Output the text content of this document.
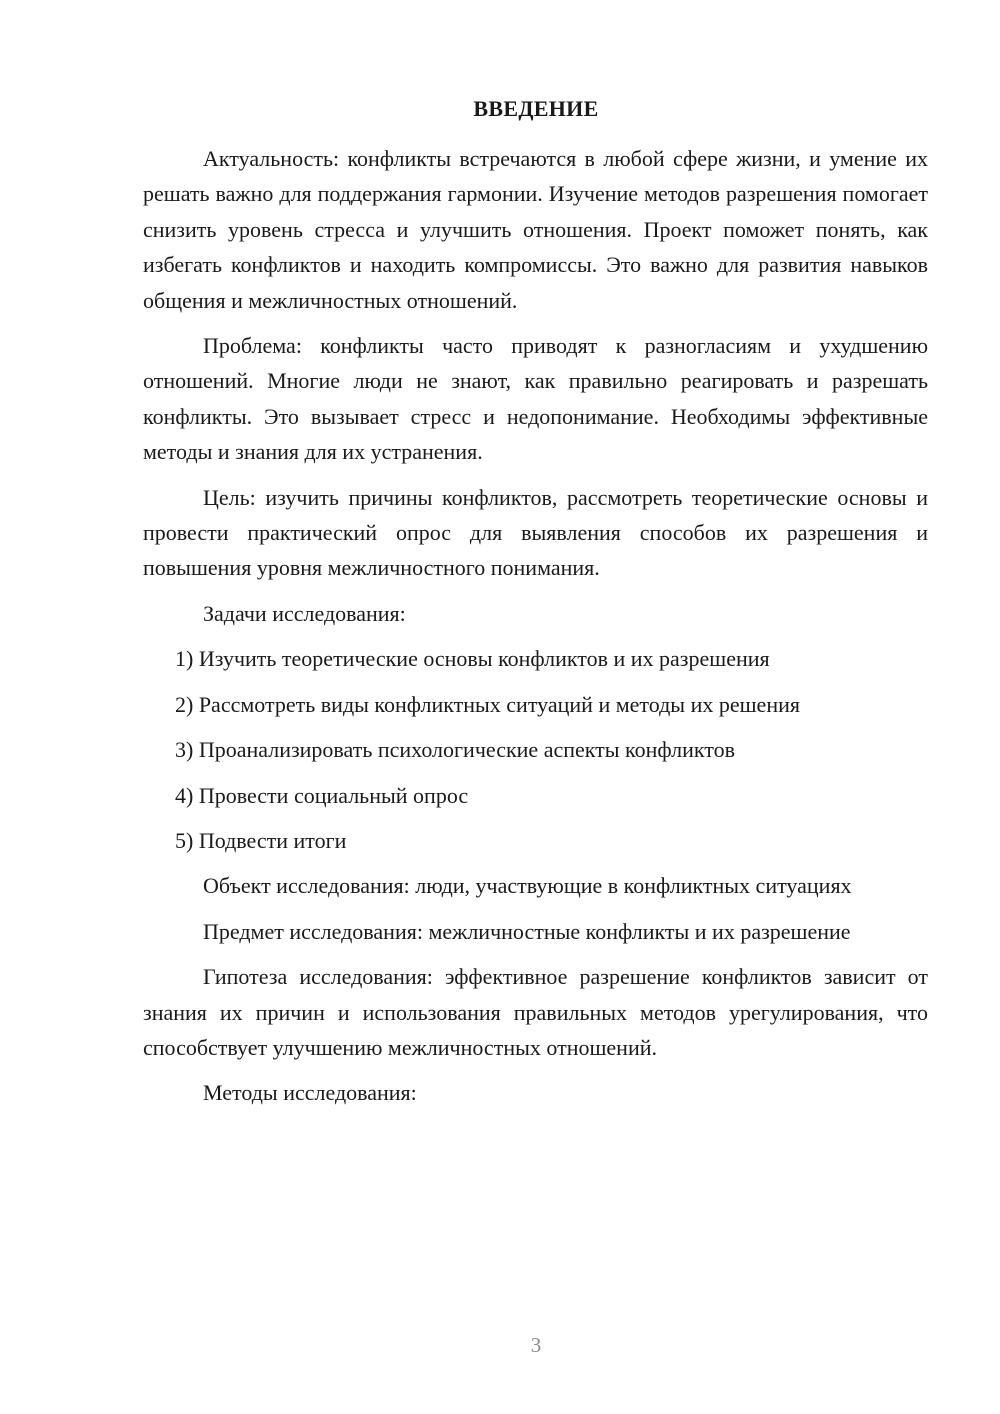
ВВЕДЕНИЕ

Актуальность: конфликты встречаются в любой сфере жизни, и умение их решать важно для поддержания гармонии. Изучение методов разрешения помогает снизить уровень стресса и улучшить отношения. Проект поможет понять, как избегать конфликтов и находить компромиссы. Это важно для развития навыков общения и межличностных отношений.

Проблема: конфликты часто приводят к разногласиям и ухудшению отношений. Многие люди не знают, как правильно реагировать и разрешать конфликты. Это вызывает стресс и недопонимание. Необходимы эффективные методы и знания для их устранения.

Цель: изучить причины конфликтов, рассмотреть теоретические основы и провести практический опрос для выявления способов их разрешения и повышения уровня межличностного понимания.

Задачи исследования:

1) Изучить теоретические основы конфликтов и их разрешения

2) Рассмотреть виды конфликтных ситуаций и методы их решения

3) Проанализировать психологические аспекты конфликтов

4) Провести социальный опрос

5) Подвести итоги

Объект исследования: люди, участвующие в конфликтных ситуациях

Предмет исследования: межличностные конфликты и их разрешение

Гипотеза исследования: эффективное разрешение конфликтов зависит от знания их причин и использования правильных методов урегулирования, что способствует улучшению межличностных отношений.

Методы исследования:

3
